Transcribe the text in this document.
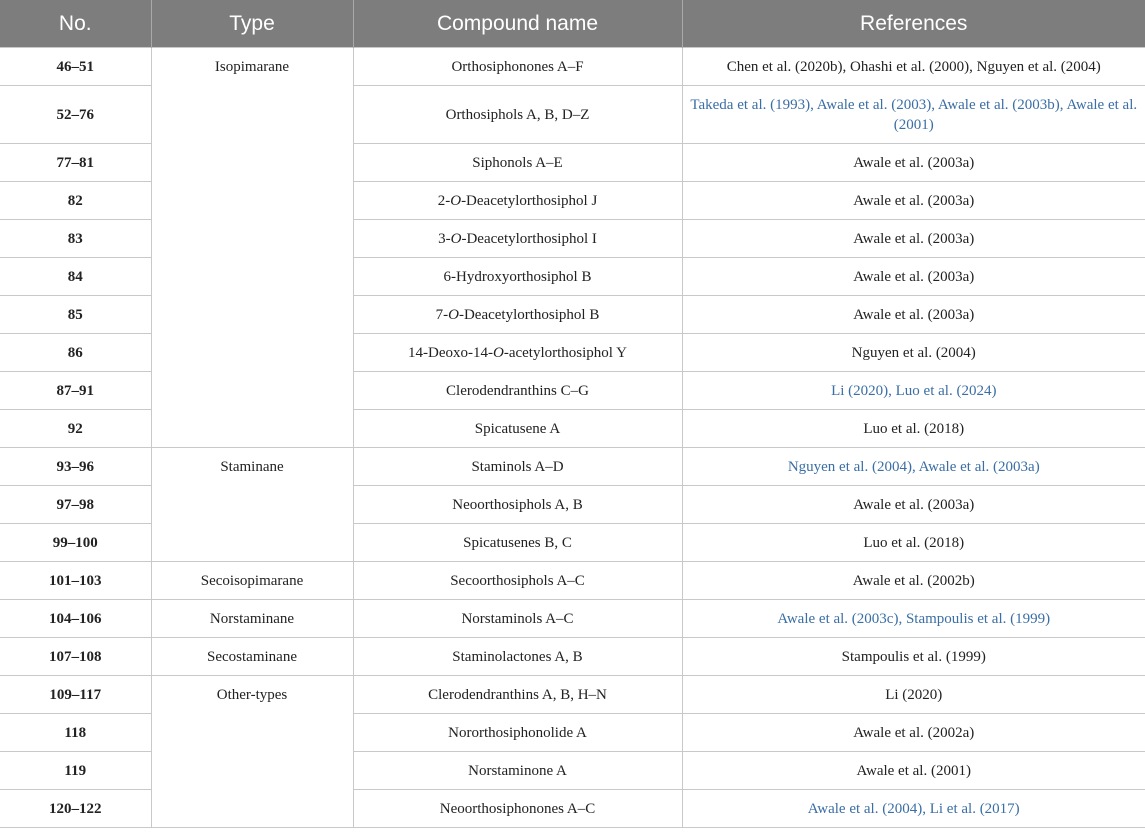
No.	Type	Compound name	References
46–51	Isopimarane	Orthosiphonones A–F	Chen et al. (2020b), Ohashi et al. (2000), Nguyen et al. (2004)
52–76		Orthosiphols A, B, D–Z	Takeda et al. (1993), Awale et al. (2003), Awale et al. (2003b), Awale et al. (2001)
77–81		Siphonols A–E	Awale et al. (2003a)
82		2-O-Deacetylorthosiphol J	Awale et al. (2003a)
83		3-O-Deacetylorthosiphol I	Awale et al. (2003a)
84		6-Hydroxyorthosiphol B	Awale et al. (2003a)
85		7-O-Deacetylorthosiphol B	Awale et al. (2003a)
86		14-Deoxo-14-O-acetylorthosiphol Y	Nguyen et al. (2004)
87–91		Clerodendranthins C–G	Li (2020), Luo et al. (2024)
92		Spicatusene A	Luo et al. (2018)
93–96	Staminane	Staminols A–D	Nguyen et al. (2004), Awale et al. (2003a)
97–98		Neoorthosiphols A, B	Awale et al. (2003a)
99–100		Spicatusenes B, C	Luo et al. (2018)
101–103	Secoisopimarane	Secoorthosiphols A–C	Awale et al. (2002b)
104–106	Norstaminane	Norstaminols A–C	Awale et al. (2003c), Stampoulis et al. (1999)
107–108	Secostaminane	Staminolactones A, B	Stampoulis et al. (1999)
109–117	Other-types	Clerodendranthins A, B, H–N	Li (2020)
118		Nororthosiphonolide A	Awale et al. (2002a)
119		Norstaminone A	Awale et al. (2001)
120–122		Neoorthosiphonones A–C	Awale et al. (2004), Li et al. (2017)
